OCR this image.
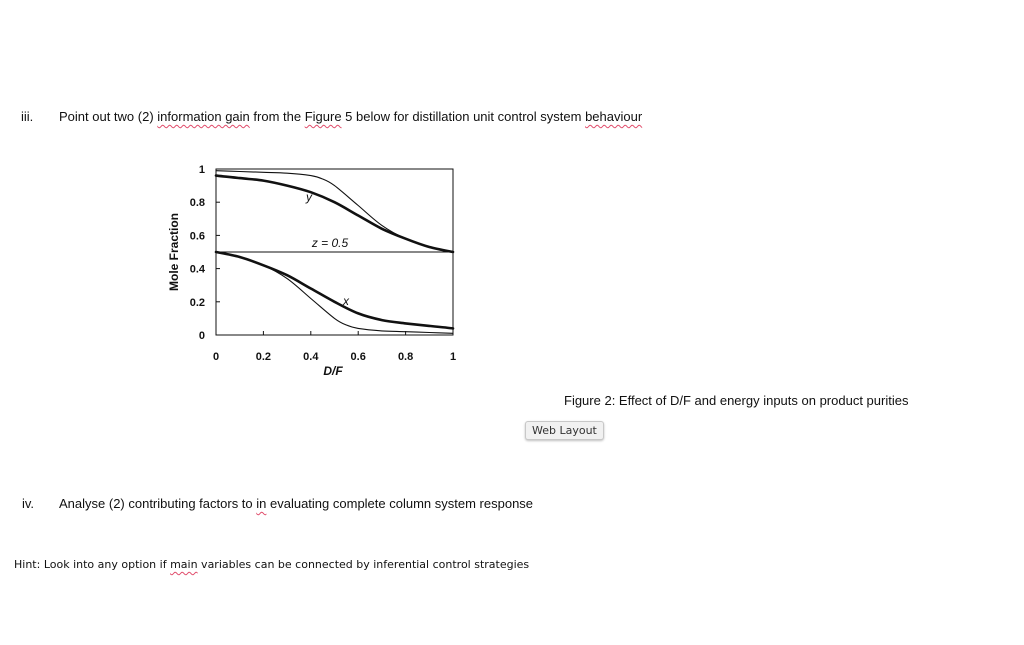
iii. Point out two (2) information gain from the Figure 5 below for distillation unit control system behaviour
0
0.2
0.4
0.6
0.8
1
0	0.2	0.4	0.6	0.8	1
D/F
Mole Fraction
y
z = 0.5
x
Figure 2: Effect of D/F and energy inputs on product purities
Web Layout
iv. Analyse (2) contributing factors to in evaluating complete column system response
Hint: Look into any option if main variables can be connected by inferential control strategies
